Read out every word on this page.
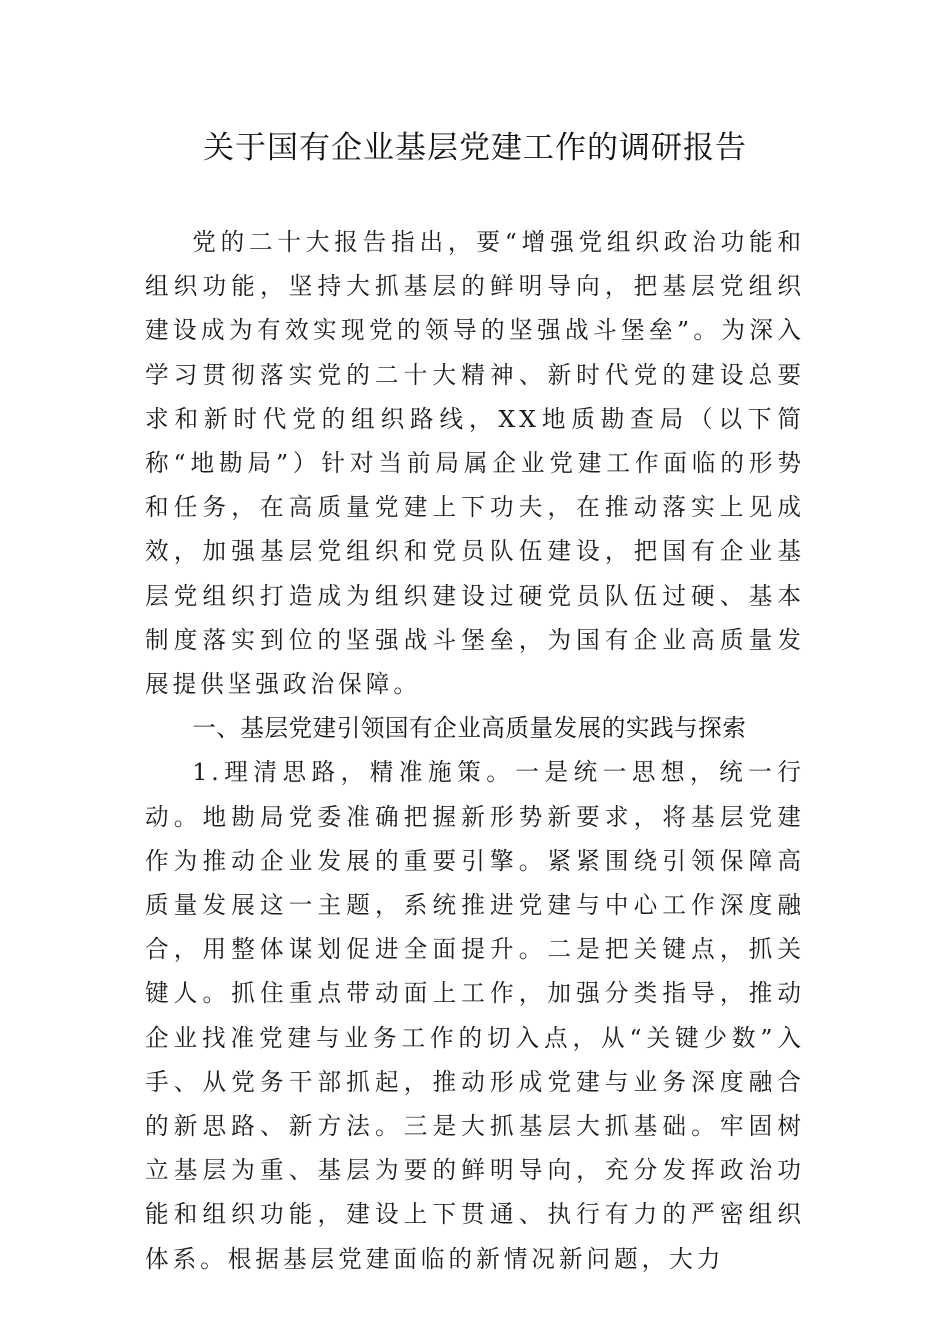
关于国有企业基层党建工作的调研报告

党的二十大报告指出，要“增强党组织政治功能和组织功能，坚持大抓基层的鲜明导向，把基层党组织建设成为有效实现党的领导的坚强战斗堡垒”。为深入学习贯彻落实党的二十大精神、新时代党的建设总要求和新时代党的组织路线，XX地质勘查局（以下简称“地勘局”）针对当前局属企业党建工作面临的形势和任务，在高质量党建上下功夫，在推动落实上见成效，加强基层党组织和党员队伍建设，把国有企业基层党组织打造成为组织建设过硬党员队伍过硬、基本制度落实到位的坚强战斗堡垒，为国有企业高质量发展提供坚强政治保障。

一、基层党建引领国有企业高质量发展的实践与探索

1.理清思路，精准施策。一是统一思想，统一行动。地勘局党委准确把握新形势新要求，将基层党建作为推动企业发展的重要引擎。紧紧围绕引领保障高质量发展这一主题，系统推进党建与中心工作深度融合，用整体谋划促进全面提升。二是把关键点，抓关键人。抓住重点带动面上工作，加强分类指导，推动企业找准党建与业务工作的切入点，从“关键少数”入手、从党务干部抓起，推动形成党建与业务深度融合的新思路、新方法。三是大抓基层大抓基础。牢固树立基层为重、基层为要的鲜明导向，充分发挥政治功能和组织功能，建设上下贯通、执行有力的严密组织体系。根据基层党建面临的新情况新问题，大力
